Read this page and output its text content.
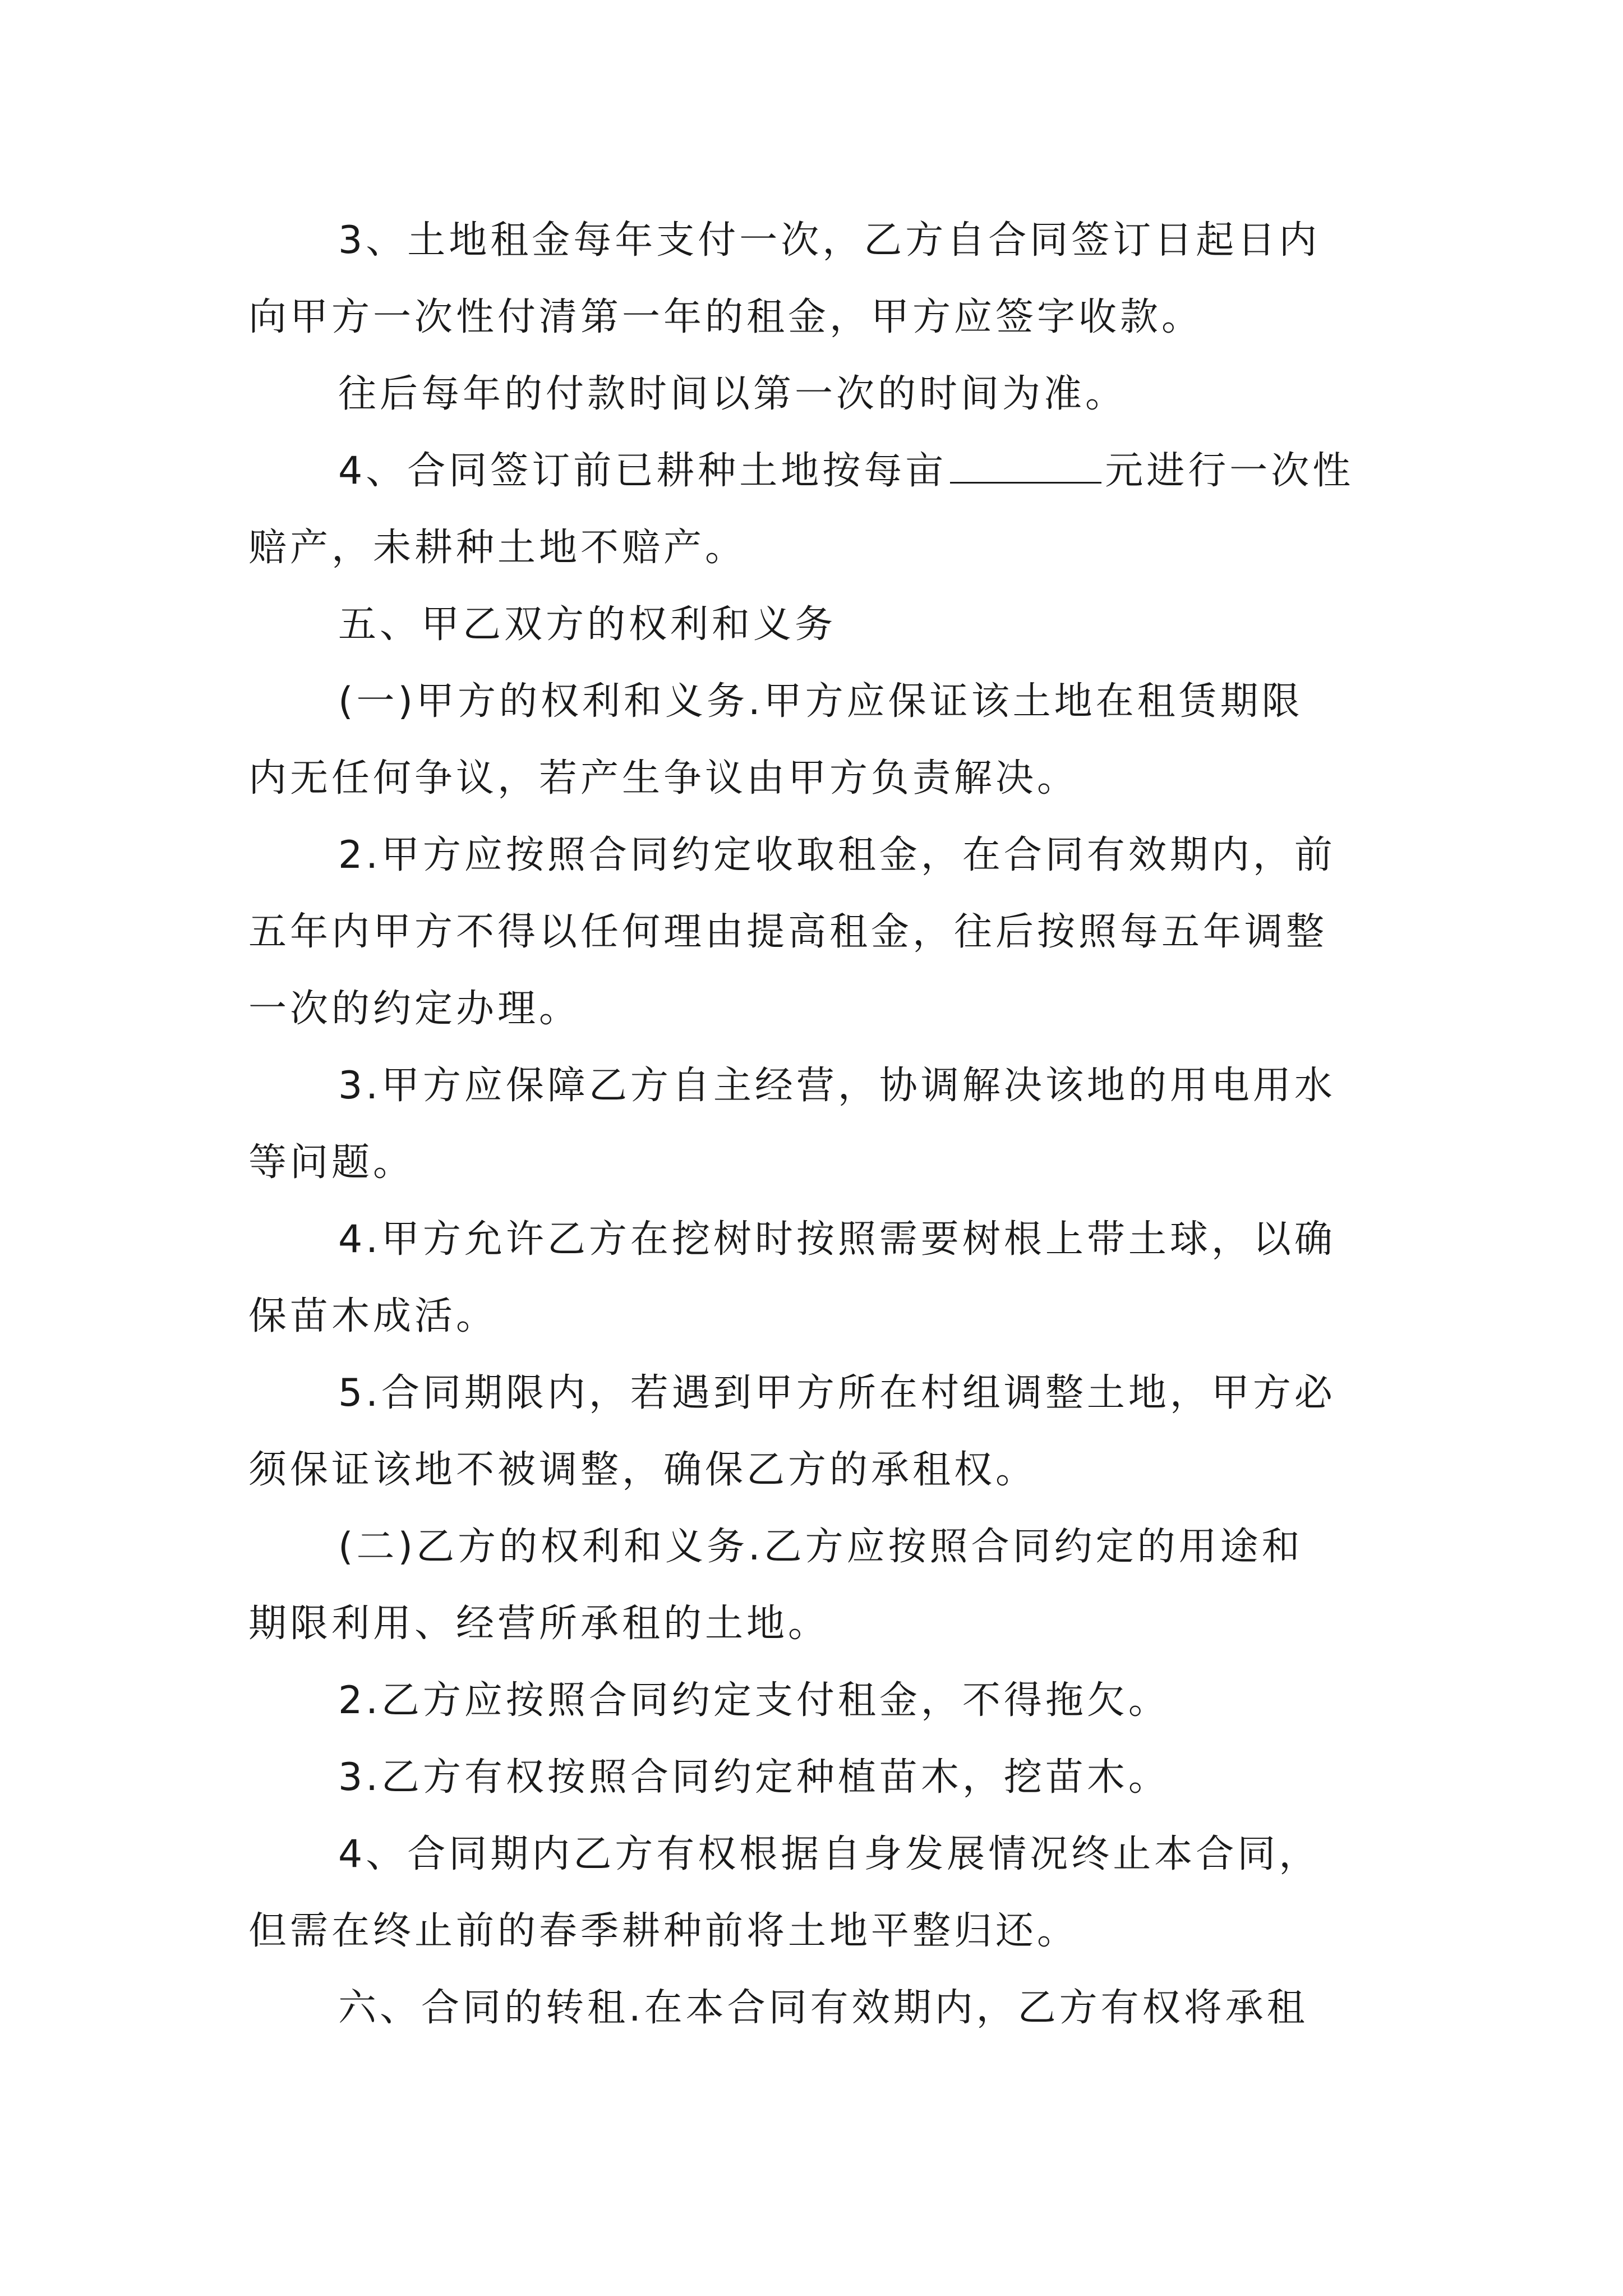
3、土地租金每年支付一次，乙方自合同签订日起日内
向甲方一次性付清第一年的租金，甲方应签字收款。
往后每年的付款时间以第一次的时间为准。
4、合同签订前已耕种土地按每亩	元进行一次性
赔产，未耕种土地不赔产。
五、甲乙双方的权利和义务
(一)甲方的权利和义务.甲方应保证该土地在租赁期限
内无任何争议，若产生争议由甲方负责解决。
2.甲方应按照合同约定收取租金，在合同有效期内，前
五年内甲方不得以任何理由提高租金，往后按照每五年调整
一次的约定办理。
3.甲方应保障乙方自主经营，协调解决该地的用电用水
等问题。
4.甲方允许乙方在挖树时按照需要树根上带土球，以确
保苗木成活。
5.合同期限内，若遇到甲方所在村组调整土地，甲方必
须保证该地不被调整，确保乙方的承租权。
(二)乙方的权利和义务.乙方应按照合同约定的用途和
期限利用、经营所承租的土地。
2.乙方应按照合同约定支付租金，不得拖欠。
3.乙方有权按照合同约定种植苗木，挖苗木。
4、合同期内乙方有权根据自身发展情况终止本合同，
但需在终止前的春季耕种前将土地平整归还。
六、合同的转租.在本合同有效期内，乙方有权将承租
